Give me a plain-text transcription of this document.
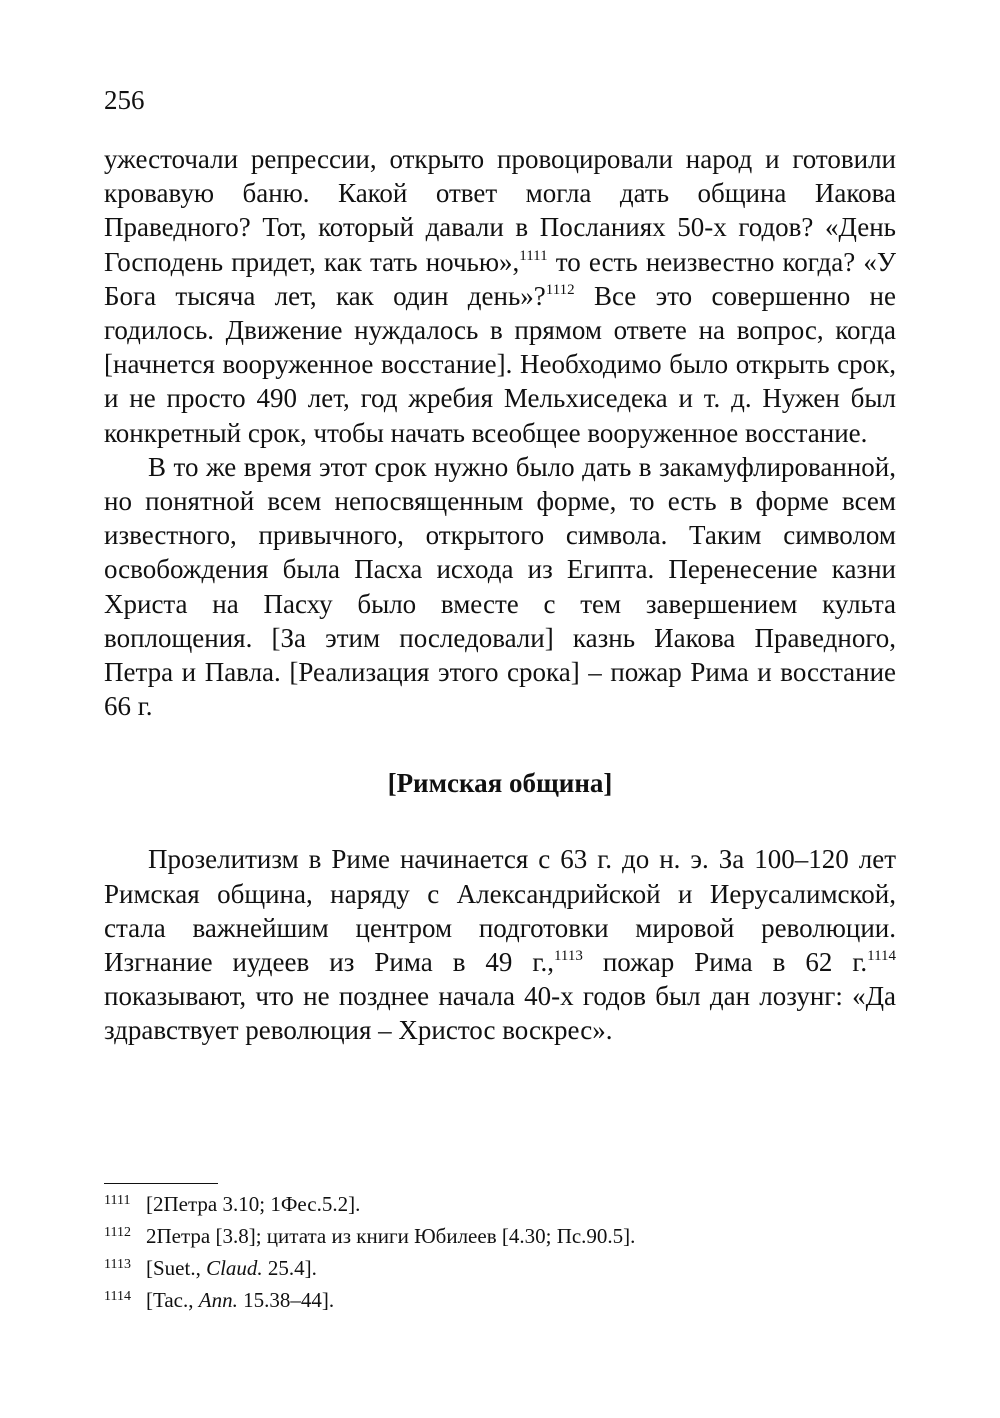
256

ужесточали репрессии, открыто провоцировали народ и готовили кровавую баню. Какой ответ могла дать община Иакова Праведного? Тот, который давали в Посланиях 50-х годов? «День Господень придет, как тать ночью»,$^{1111}$ то есть неизвестно когда? «У Бога тысяча лет, как один день»?$^{1112}$ Все это совершенно не годилось. Движение нуждалось в прямом ответе на вопрос, когда [начнется вооруженное восстание]. Необходимо было открыть срок, и не просто 490 лет, год жребия Мельхиседека и т. д. Нужен был конкретный срок, чтобы начать всеобщее вооруженное восстание.

В то же время этот срок нужно было дать в закамуфлированной, но понятной всем непосвященным форме, то есть в форме всем известного, привычного, открытого символа. Таким символом освобождения была Пасха исхода из Египта. Перенесение казни Христа на Пасху было вместе с тем завершением культа воплощения. [За этим последовали] казнь Иакова Праведного, Петра и Павла. [Реализация этого срока] – пожар Рима и восстание 66 г.

[Римская община]

Прозелитизм в Риме начинается с 63 г. до н. э. За 100–120 лет Римская община, наряду с Александрийской и Иерусалимской, стала важнейшим центром подготовки мировой революции. Изгнание иудеев из Рима в 49 г.,$^{1113}$ пожар Рима в 62 г.$^{1114}$ показывают, что не позднее начала 40-х годов был дан лозунг: «Да здравствует революция – Христос воскрес».

1111 [2Петра 3.10; 1Фес.5.2].
1112 2Петра [3.8]; цитата из книги Юбилеев [4.30; Пс.90.5].
1113 [Suet., Claud. 25.4].
1114 [Tac., Ann. 15.38–44].
